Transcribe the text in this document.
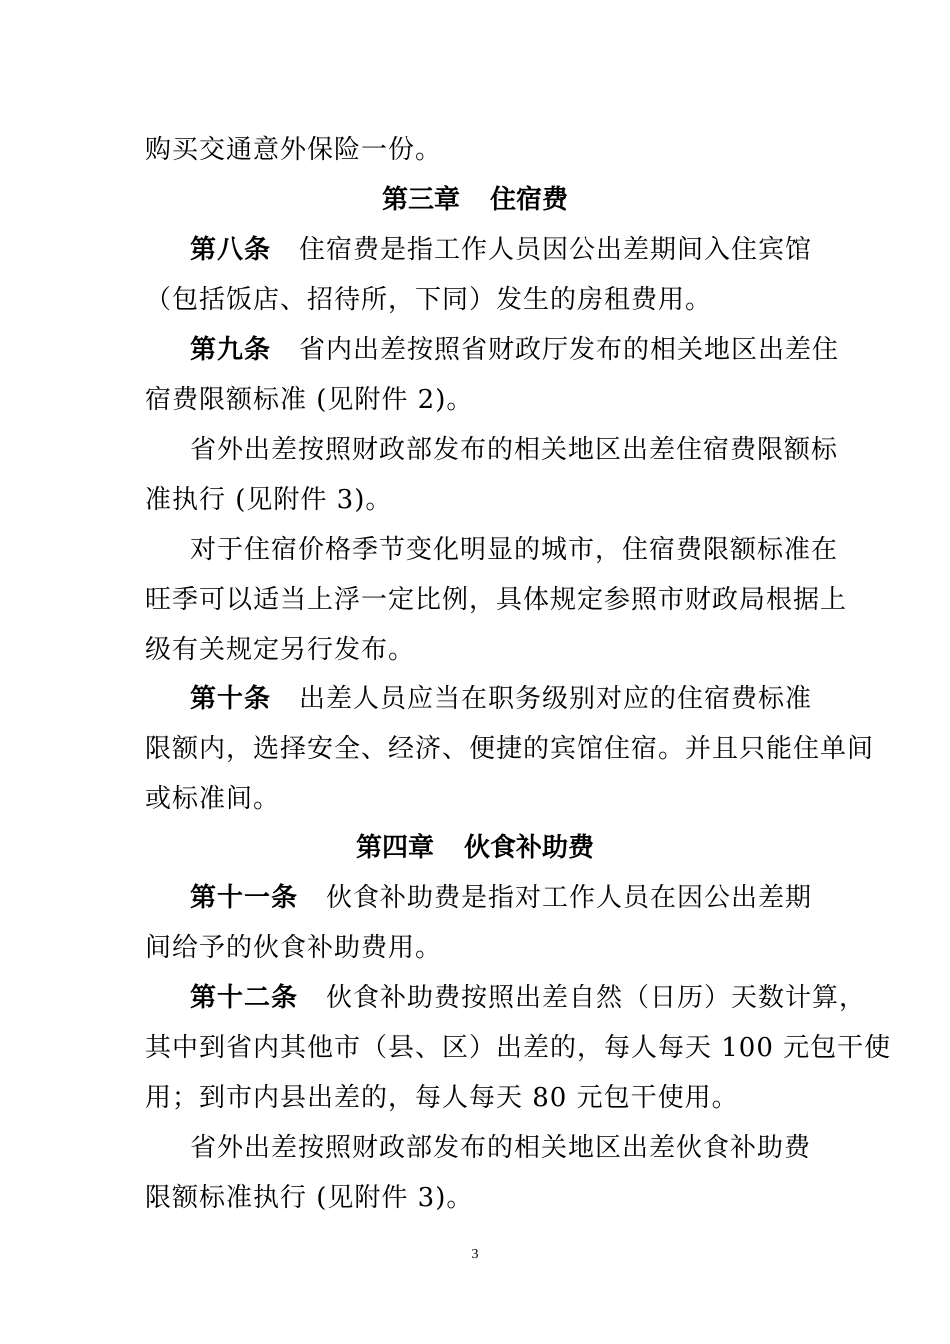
购买交通意外保险一份。
第三章 住宿费
第八条 住宿费是指工作人员因公出差期间入住宾馆
（包括饭店、招待所，下同）发生的房租费用。
第九条 省内出差按照省财政厅发布的相关地区出差住
宿费限额标准 (见附件 2)。
省外出差按照财政部发布的相关地区出差住宿费限额标
准执行 (见附件 3)。
对于住宿价格季节变化明显的城市，住宿费限额标准在
旺季可以适当上浮一定比例，具体规定参照市财政局根据上
级有关规定另行发布。
第十条 出差人员应当在职务级别对应的住宿费标准
限额内，选择安全、经济、便捷的宾馆住宿。并且只能住单间
或标准间。
第四章 伙食补助费
第十一条 伙食补助费是指对工作人员在因公出差期
间给予的伙食补助费用。
第十二条 伙食补助费按照出差自然（日历）天数计算，
其中到省内其他市（县、区）出差的，每人每天 100 元包干使
用；到市内县出差的，每人每天 80 元包干使用。
省外出差按照财政部发布的相关地区出差伙食补助费
限额标准执行 (见附件 3)。
3
